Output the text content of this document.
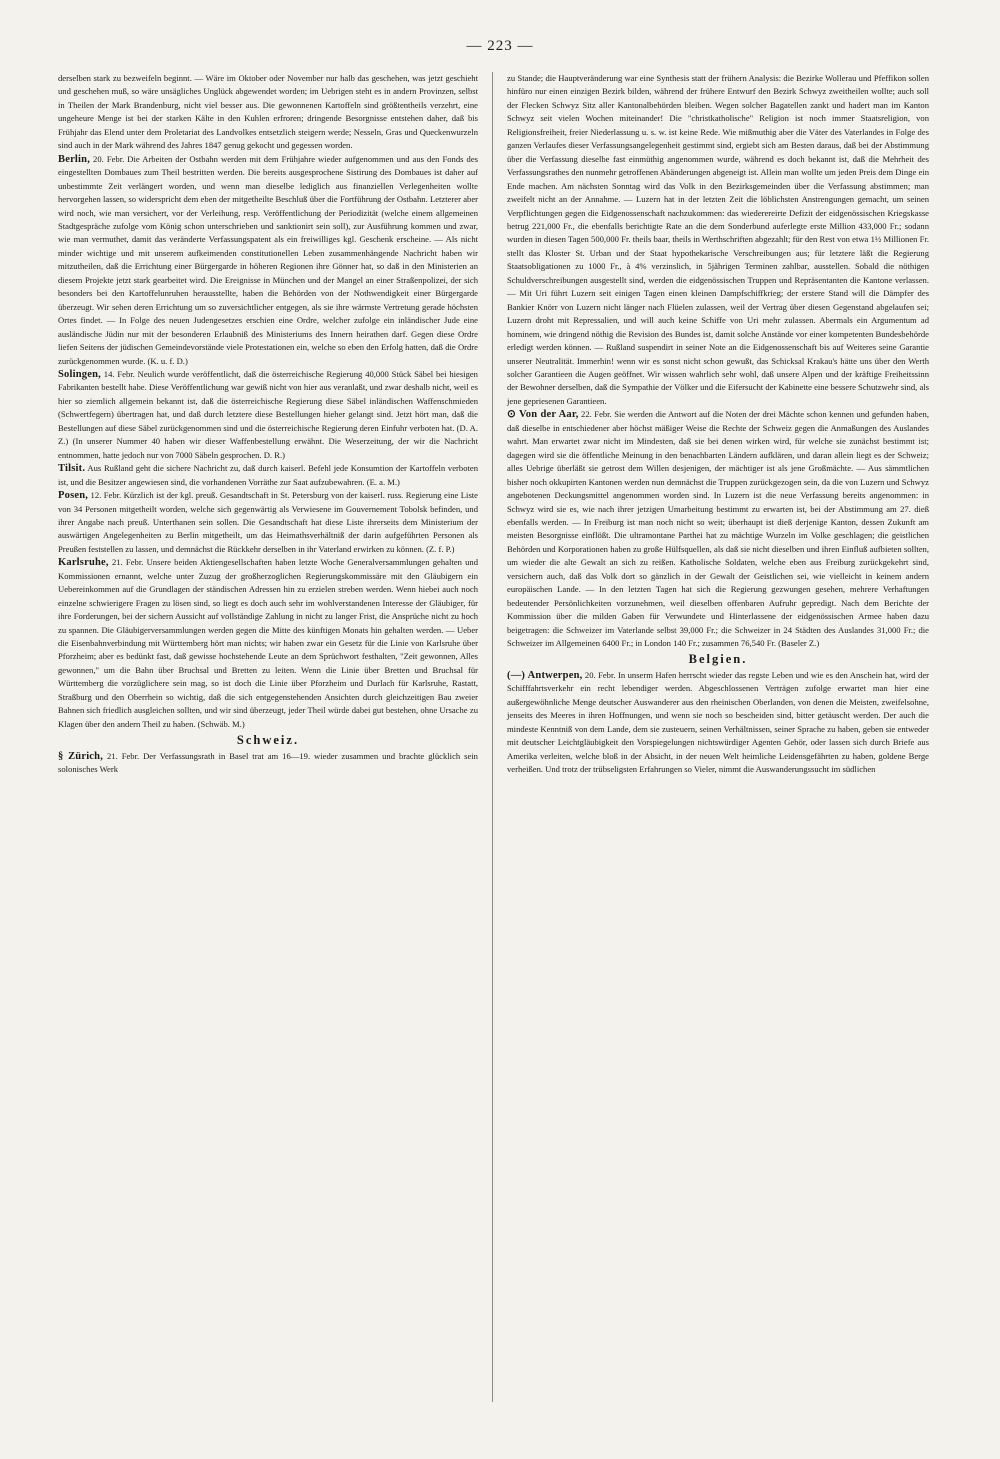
— 223 —

derselben stark zu bezweifeln beginnt. — Wäre im Oktober oder November nur halb das geschehen, was jetzt geschieht und geschehen muß, so wäre unsägliches Unglück abgewendet worden; im Uebrigen steht es in andern Provinzen, selbst in Theilen der Mark Brandenburg, nicht viel besser aus. Die gewonnenen Kartoffeln sind größtentheils verzehrt, eine ungeheure Menge ist bei der starken Kälte in den Kuhlen erfroren; dringende Besorgnisse entstehen daher, daß bis Frühjahr das Elend unter dem Proletariat des Landvolkes entsetzlich steigern werde; Nesseln, Gras und Queckenwurzeln sind auch in der Mark während des Jahres 1847 genug gekocht und gegessen worden.

Berlin, 20. Febr. Die Arbeiten der Ostbahn werden mit dem Frühjahre wieder aufgenommen und aus den Fonds des eingestellten Dombaues zum Theil bestritten werden. Die bereits ausgesprochene Sistirung des Dombaues ist daher auf unbestimmte Zeit verlängert worden, und wenn man dieselbe lediglich aus finanziellen Verlegenheiten wollte hervorgehen lassen, so widerspricht dem eben der mitgetheilte Beschluß über die Fortführung der Ostbahn. Letzterer aber wird noch, wie man versichert, vor der Verleihung, resp. Veröffentlichung der Periodizität (welche einem allgemeinen Stadtgespräche zufolge vom König schon unterschrieben und sanktionirt sein soll), zur Ausführung kommen und zwar, wie man vermuthet, damit das veränderte Verfassungspatent als ein freiwilliges kgl. Geschenk erscheine. — Als nicht minder wichtige und mit unserem aufkeimenden constitutionellen Leben zusammenhängende Nachricht haben wir mitzutheilen, daß die Errichtung einer Bürgergarde in höheren Regionen ihre Gönner hat, so daß in den Ministerien an diesem Projekte jetzt stark gearbeitet wird. Die Ereignisse in München und der Mangel an einer Straßenpolizei, der sich besonders bei den Kartoffelunruhen herausstellte, haben die Behörden von der Nothwendigkeit einer Bürgergarde überzeugt. Wir sehen deren Errichtung um so zuversichtlicher entgegen, als sie ihre wärmste Vertretung gerade höchsten Ortes findet. — In Folge des neuen Judengesetzes erschien eine Ordre, welcher zufolge ein inländischer Jude eine ausländische Jüdin nur mit der besonderen Erlaubniß des Ministeriums des Innern heirathen darf. Gegen diese Ordre liefen Seitens der jüdischen Gemeindevorstände viele Protestationen ein, welche so eben den Erfolg hatten, daß die Ordre zurückgenommen wurde. (K. u. f. D.)

Solingen, 14. Febr. Neulich wurde veröffentlicht, daß die österreichische Regierung 40,000 Stück Säbel bei hiesigen Fabrikanten bestellt habe. Diese Veröffentlichung war gewiß nicht von hier aus veranlaßt, und zwar deshalb nicht, weil es hier so ziemlich allgemein bekannt ist, daß die österreichische Regierung diese Säbel inländischen Waffenschmieden (Schwertfegern) übertragen hat, und daß durch letztere diese Bestellungen hieher gelangt sind. Jetzt hört man, daß die Bestellungen auf diese Säbel zurückgenommen sind und die österreichische Regierung deren Einfuhr verboten hat. (D. A. Z.) (In unserer Nummer 40 haben wir dieser Waffenbestellung erwähnt. Die Weserzeitung, der wir die Nachricht entnommen, hatte jedoch nur von 7000 Säbeln gesprochen. D. R.)

Tilsit. Aus Rußland geht die sichere Nachricht zu, daß durch kaiserl. Befehl jede Konsumtion der Kartoffeln verboten ist, und die Besitzer angewiesen sind, die vorhandenen Vorräthe zur Saat aufzubewahren. (E. a. M.)

Posen, 12. Febr. Kürzlich ist der kgl. preuß. Gesandtschaft in St. Petersburg von der kaiserl. russ. Regierung eine Liste von 34 Personen mitgetheilt worden, welche sich gegenwärtig als Verwiesene im Gouvernement Tobolsk befinden, und ihrer Angabe nach preuß. Unterthanen sein sollen. Die Gesandtschaft hat diese Liste ihrerseits dem Ministerium der auswärtigen Angelegenheiten zu Berlin mitgetheilt, um das Heimathsverhältniß der darin aufgeführten Personen als Preußen feststellen zu lassen, und demnächst die Rückkehr derselben in ihr Vaterland erwirken zu können. (Z. f. P.)

Karlsruhe, 21. Febr. Unsere beiden Aktiengesellschaften haben letzte Woche Generalversammlungen gehalten und Kommissionen ernannt, welche unter Zuzug der großherzoglichen Regierungskommissäre mit den Gläubigern ein Uebereinkommen auf die Grundlagen der ständischen Adressen hin zu erzielen streben werden. Wenn hiebei auch noch einzelne schwierigere Fragen zu lösen sind, so liegt es doch auch sehr im wohlverstandenen Interesse der Gläubiger, für ihre Forderungen, bei der sichern Aussicht auf vollständige Zahlung in nicht zu langer Frist, die Ansprüche nicht zu hoch zu spannen. Die Gläubigerversammlungen werden gegen die Mitte des künftigen Monats hin gehalten werden. — Ueber die Eisenbahnverbindung mit Württemberg hört man nichts; wir haben zwar ein Gesetz für die Linie von Karlsruhe über Pforzheim; aber es bedünkt fast, daß gewisse hochstehende Leute an dem Sprüchwort festhalten, "Zeit gewonnen, Alles gewonnen," um die Bahn über Bruchsal und Bretten zu leiten. Wenn die Linie über Bretten und Bruchsal für Württemberg die vorzüglichere sein mag, so ist doch die Linie über Pforzheim und Durlach für Karlsruhe, Rastatt, Straßburg und den Oberrhein so wichtig, daß die sich entgegenstehenden Ansichten durch gleichzeitigen Bau zweier Bahnen sich friedlich ausgleichen sollten, und wir sind überzeugt, jeder Theil würde dabei gut bestehen, ohne Ursache zu Klagen über den andern Theil zu haben. (Schwäb. M.)

Schweiz.

§ Zürich, 21. Febr. Der Verfassungsrath in Basel trat am 16—19. wieder zusammen und brachte glücklich sein solonisches Werk

zu Stande; die Hauptveränderung war eine Synthesis statt der frühern Analysis: die Bezirke Wollerau und Pfeffikon sollen hinfüro nur einen einzigen Bezirk bilden, während der frühere Entwurf den Bezirk Schwyz zweitheilen wollte; auch soll der Flecken Schwyz Sitz aller Kantonalbehörden bleiben. Wegen solcher Bagatellen zankt und hadert man im Kanton Schwyz seit vielen Wochen miteinander! Die "christkatholische" Religion ist noch immer Staatsreligion, von Religionsfreiheit, freier Niederlassung u. s. w. ist keine Rede. Wie mißmuthig aber die Väter des Vaterlandes in Folge des ganzen Verlaufes dieser Verfassungsangelegenheit gestimmt sind, ergiebt sich am Besten daraus, daß bei der Abstimmung über die Verfassung dieselbe fast einmüthig angenommen wurde, während es doch bekannt ist, daß die Mehrheit des Verfassungsrathes den nunmehr getroffenen Abänderungen abgeneigt ist. Allein man wollte um jeden Preis dem Dinge ein Ende machen. Am nächsten Sonntag wird das Volk in den Bezirksgemeinden über die Verfassung abstimmen; man zweifelt nicht an der Annahme. — Luzern hat in der letzten Zeit die löblichsten Anstrengungen gemacht, um seinen Verpflichtungen gegen die Eidgenossenschaft nachzukommen: das wiederereirte Defizit der eidgenössischen Kriegskasse betrug 221,000 Fr., die ebenfalls berichtigte Rate an die dem Sonderbund auferlegte erste Million 433,000 Fr.; sodann wurden in diesen Tagen 500,000 Fr. theils baar, theils in Werthschriften abgezahlt; für den Rest von etwa 1½ Millionen Fr. stellt das Kloster St. Urban und der Staat hypothekarische Verschreibungen aus; für letztere läßt die Regierung Staatsobligationen zu 1000 Fr., à 4% verzinslich, in 5jährigen Terminen zahlbar, ausstellen. Sobald die nöthigen Schuldverschreibungen ausgestellt sind, werden die eidgenössischen Truppen und Repräsentanten die Kantone verlassen. — Mit Uri führt Luzern seit einigen Tagen einen kleinen Dampfschiffkrieg; der erstere Stand will die Dämpfer des Bankier Knörr von Luzern nicht länger nach Flüelen zulassen, weil der Vertrag über diesen Gegenstand abgelaufen sei; Luzern droht mit Repressalien, und will auch keine Schiffe von Uri mehr zulassen. Abermals ein Argumentum ad hominem, wie dringend nöthig die Revision des Bundes ist, damit solche Anstände vor einer kompetenten Bundesbehörde erledigt werden können. — Rußland suspendirt in seiner Note an die Eidgenossenschaft bis auf Weiteres seine Garantie unserer Neutralität. Immerhin! wenn wir es sonst nicht schon gewußt, das Schicksal Krakau's hätte uns über den Werth solcher Garantieen die Augen geöffnet. Wir wissen wahrlich sehr wohl, daß unsere Alpen und der kräftige Freiheitssinn der Bewohner derselben, daß die Sympathie der Völker und die Eifersucht der Kabinette eine bessere Schutzwehr sind, als jene gepriesenen Garantieen.

⊙ Von der Aar, 22. Febr. Sie werden die Antwort auf die Noten der drei Mächte schon kennen und gefunden haben, daß dieselbe in entschiedener aber höchst mäßiger Weise die Rechte der Schweiz gegen die Anmaßungen des Auslandes wahrt. Man erwartet zwar nicht im Mindesten, daß sie bei denen wirken wird, für welche sie zunächst bestimmt ist; dagegen wird sie die öffentliche Meinung in den benachbarten Ländern aufklären, und daran allein liegt es der Schweiz; alles Uebrige überläßt sie getrost dem Willen desjenigen, der mächtiger ist als jene Großmächte. — Aus sämmtlichen bisher noch okkupirten Kantonen werden nun demnächst die Truppen zurückgezogen sein, da die von Luzern und Schwyz angebotenen Deckungsmittel angenommen worden sind. In Luzern ist die neue Verfassung bereits angenommen: in Schwyz wird sie es, wie nach ihrer jetzigen Umarbeitung bestimmt zu erwarten ist, bei der Abstimmung am 27. dieß ebenfalls werden. — In Freiburg ist man noch nicht so weit; überhaupt ist dieß derjenige Kanton, dessen Zukunft am meisten Besorgnisse einflößt. Die ultramontane Parthei hat zu mächtige Wurzeln im Volke geschlagen; die geistlichen Behörden und Korporationen haben zu große Hülfsquellen, als daß sie nicht dieselben und ihren Einfluß aufbieten sollten, um wieder die alte Gewalt an sich zu reißen. Katholische Soldaten, welche eben aus Freiburg zurückgekehrt sind, versichern auch, daß das Volk dort so gänzlich in der Gewalt der Geistlichen sei, wie vielleicht in keinem andern europäischen Lande. — In den letzten Tagen hat sich die Regierung gezwungen gesehen, mehrere Verhaftungen bedeutender Persönlichkeiten vorzunehmen, weil dieselben offenbaren Aufruhr gepredigt. Nach dem Berichte der Kommission über die milden Gaben für Verwundete und Hinterlassene der eidgenössischen Armee haben dazu beigetragen: die Schweizer im Vaterlande selbst 39,000 Fr.; die Schweizer in 24 Städten des Auslandes 31,000 Fr.; die Schweizer im Allgemeinen 6400 Fr.; in London 140 Fr.; zusammen 76,540 Fr. (Baseler Z.)

Belgien.

(—) Antwerpen, 20. Febr. In unserm Hafen herrscht wieder das regste Leben und wie es den Anschein hat, wird der Schifffahrtsverkehr ein recht lebendiger werden. Abgeschlossenen Verträgen zufolge erwartet man hier eine außergewöhnliche Menge deutscher Auswanderer aus den rheinischen Oberlanden, von denen die Meisten, zweifelsohne, jenseits des Meeres in ihren Hoffnungen, und wenn sie noch so bescheiden sind, bitter getäuscht werden. Der auch die mindeste Kenntniß von dem Lande, dem sie zusteuern, seinen Verhältnissen, seiner Sprache zu haben, geben sie entweder mit deutscher Leichtgläubigkeit den Vorspiegelungen nichtswürdiger Agenten Gehör, oder lassen sich durch Briefe aus Amerika verleiten, welche bloß in der Absicht, in der neuen Welt heimliche Leidensgefährten zu haben, goldene Berge verheißen. Und trotz der trübseligsten Erfahrungen so Vieler, nimmt die Auswanderungssucht im südlichen
